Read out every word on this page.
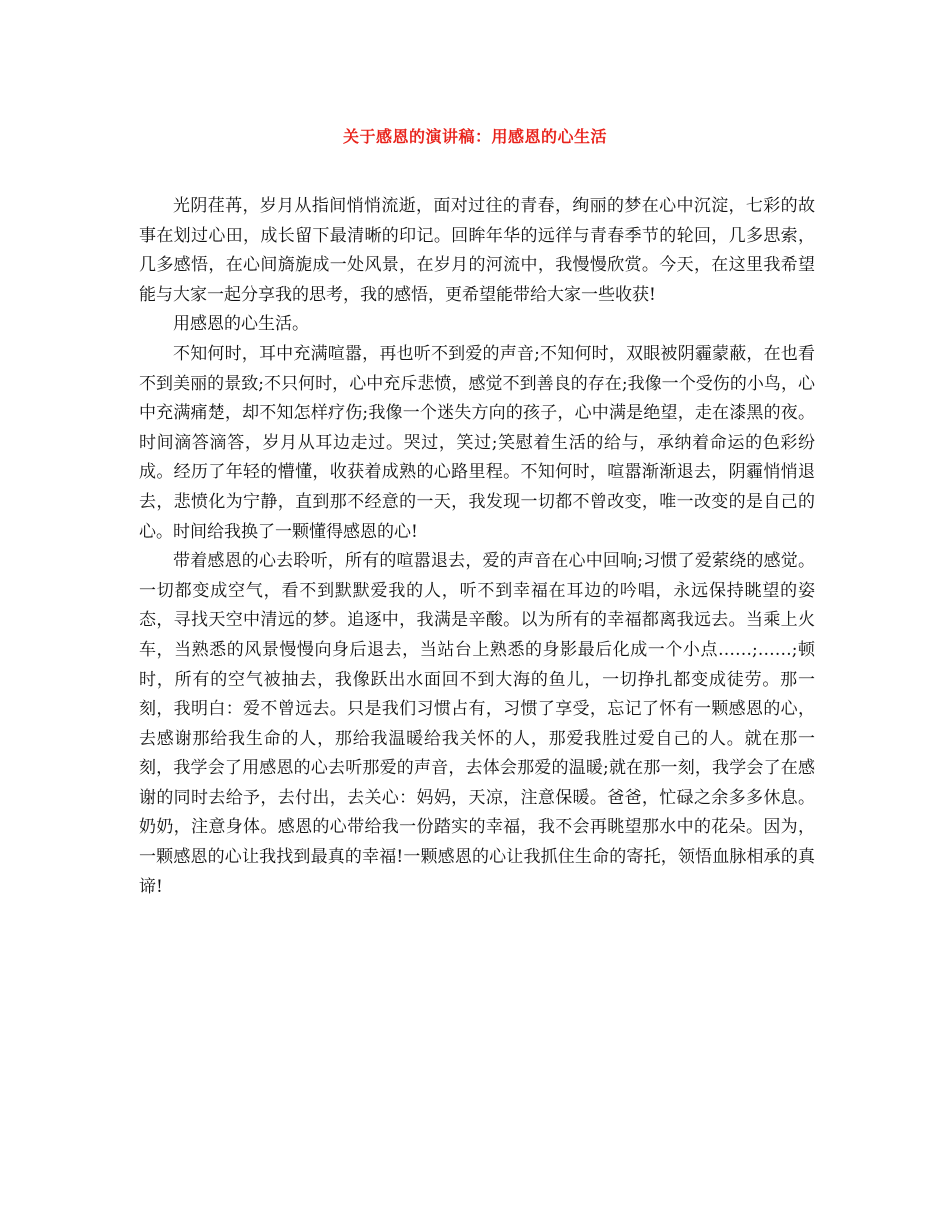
关于感恩的演讲稿：用感恩的心生活

光阴荏苒，岁月从指间悄悄流逝，面对过往的青春，绚丽的梦在心中沉淀，七彩的故事在划过心田，成长留下最清晰的印记。回眸年华的远徉与青春季节的轮回，几多思索，几多感悟，在心间旖旎成一处风景，在岁月的河流中，我慢慢欣赏。今天，在这里我希望能与大家一起分享我的思考，我的感悟，更希望能带给大家一些收获!

用感恩的心生活。

不知何时，耳中充满喧嚣，再也听不到爱的声音;不知何时，双眼被阴霾蒙蔽，在也看不到美丽的景致;不只何时，心中充斥悲愤，感觉不到善良的存在;我像一个受伤的小鸟，心中充满痛楚，却不知怎样疗伤;我像一个迷失方向的孩子，心中满是绝望，走在漆黑的夜。时间滴答滴答，岁月从耳边走过。哭过，笑过;笑慰着生活的给与，承纳着命运的色彩纷成。经历了年轻的懵懂，收获着成熟的心路里程。不知何时，喧嚣渐渐退去，阴霾悄悄退去，悲愤化为宁静，直到那不经意的一天，我发现一切都不曾改变，唯一改变的是自己的心。时间给我换了一颗懂得感恩的心!

带着感恩的心去聆听，所有的喧嚣退去，爱的声音在心中回响;习惯了爱萦绕的感觉。一切都变成空气，看不到默默爱我的人，听不到幸福在耳边的吟唱，永远保持眺望的姿态，寻找天空中清远的梦。追逐中，我满是辛酸。以为所有的幸福都离我远去。当乘上火车，当熟悉的风景慢慢向身后退去，当站台上熟悉的身影最后化成一个小点……;……;顿时，所有的空气被抽去，我像跃出水面回不到大海的鱼儿，一切挣扎都变成徒劳。那一刻，我明白：爱不曾远去。只是我们习惯占有，习惯了享受，忘记了怀有一颗感恩的心，去感谢那给我生命的人，那给我温暖给我关怀的人，那爱我胜过爱自己的人。就在那一刻，我学会了用感恩的心去听那爱的声音，去体会那爱的温暖;就在那一刻，我学会了在感谢的同时去给予，去付出，去关心：妈妈，天凉，注意保暖。爸爸，忙碌之余多多休息。奶奶，注意身体。感恩的心带给我一份踏实的幸福，我不会再眺望那水中的花朵。因为，一颗感恩的心让我找到最真的幸福!一颗感恩的心让我抓住生命的寄托，领悟血脉相承的真谛!
